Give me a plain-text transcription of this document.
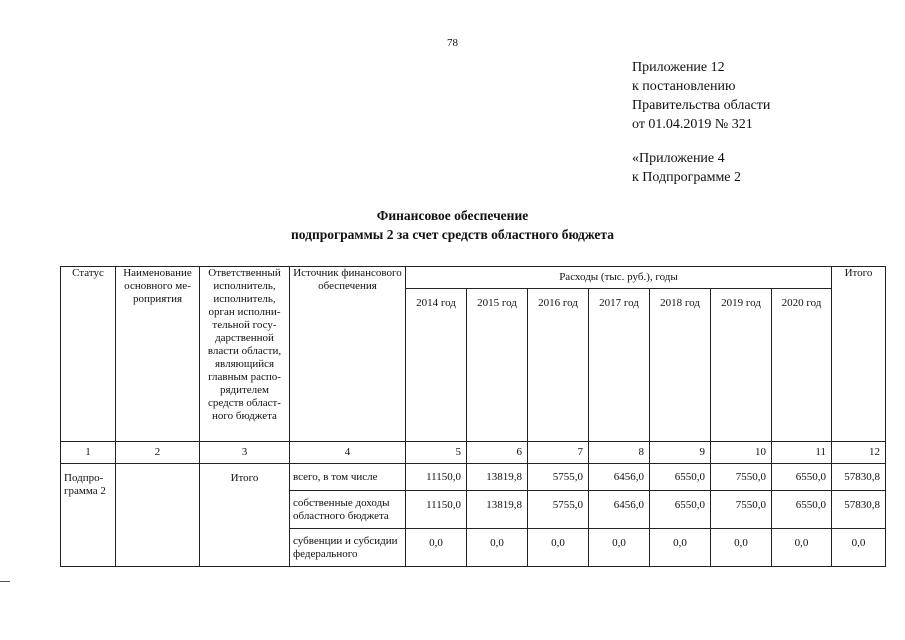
78
Приложение 12
к постановлению
Правительства области
от 01.04.2019 № 321
«Приложение 4
к Подпрограмме 2
Финансовое обеспечение
подпрограммы 2 за счет средств областного бюджета
Статус	Наименование основного мероприятия	Ответственный исполнитель, исполнитель, орган исполнительной государственной власти области, являющийся главным распорядителем средств областного бюджета	Источник финансового обеспечения	Расходы (тыс. руб.), годы							Итого
				2014 год	2015 год	2016 год	2017 год	2018 год	2019 год	2020 год	
1	2	3	4	5	6	7	8	9	10	11	12
Подпрограмма 2		Итого	всего, в том числе	11150,0	13819,8	5755,0	6456,0	6550,0	7550,0	6550,0	57830,8
			собственные доходы областного бюджета	11150,0	13819,8	5755,0	6456,0	6550,0	7550,0	6550,0	57830,8
			субвенции и субсидии федерального	0,0	0,0	0,0	0,0	0,0	0,0	0,0	0,0
